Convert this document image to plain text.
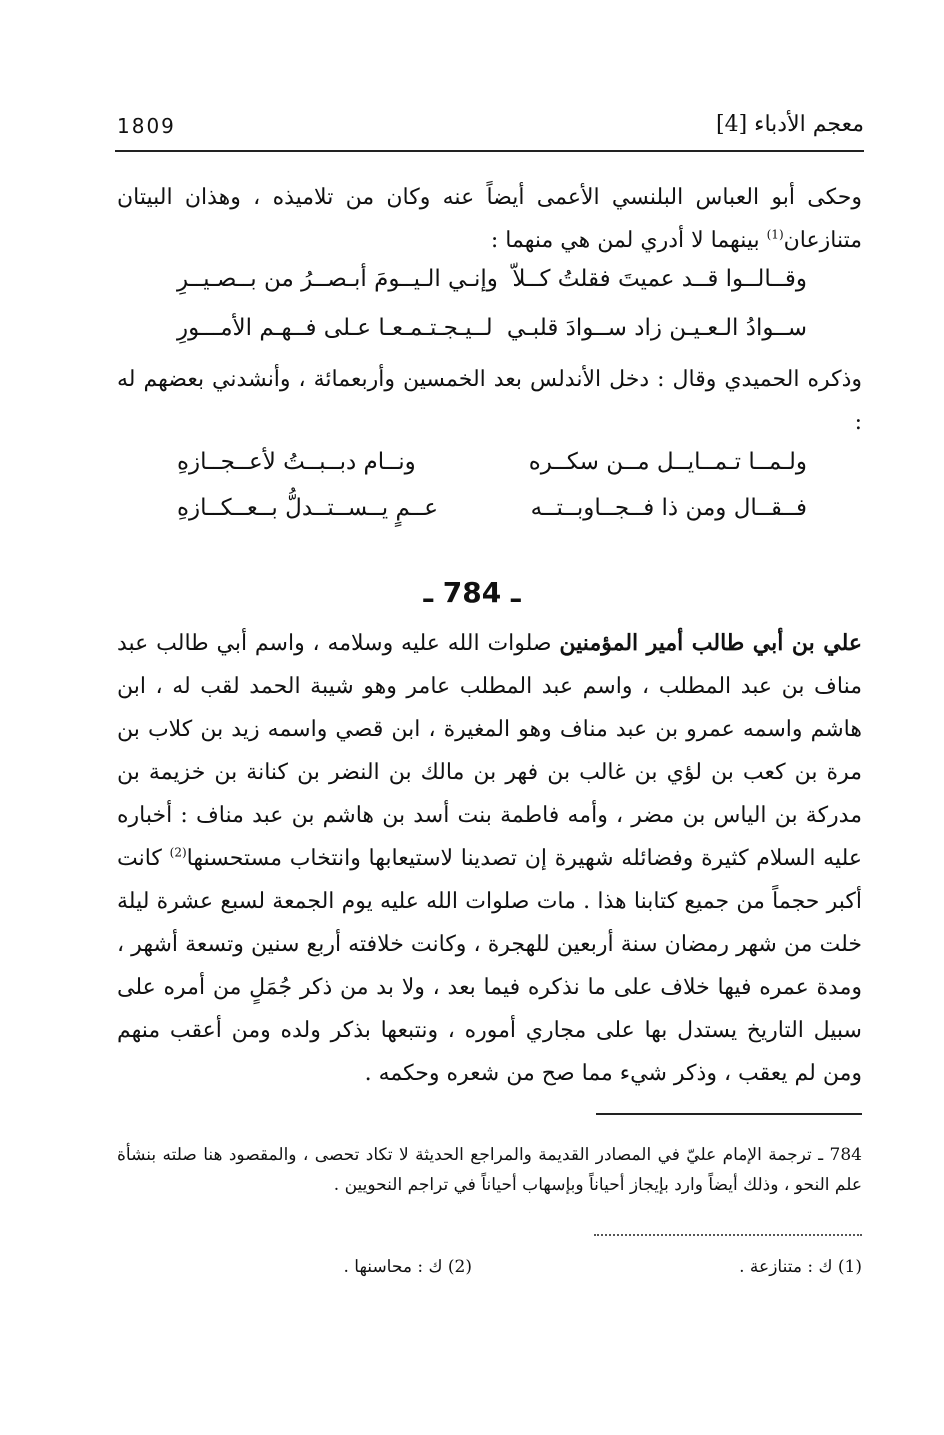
1809	معجم الأدباء [4]

وحكى أبو العباس البلنسي الأعمى أيضاً عنه وكان من تلاميذه ، وهذان البيتان متنازعان$^{(1)}$ بينهما لا أدري لمن هي منهما :

وقــالــوا قــد عميتَ فقلتُ كــلاّ
وإنـي الـيــومَ أبـصــرُ من بــصـيــرِ
ســوادُ الـعـيـن زاد ســوادَ قلبـي
لــيـجـتـمـعـا عـلى فــهـم الأمـــورِ

وذكره الحميدي وقال : دخل الأندلس بعد الخمسين وأربعمائة ، وأنشدني بعضهم له :

ولـمــا تـمــايــل مــن سكــره
ونــام دبــبــتُ لأعــجــازهِ
فــقــال ومن ذا فــجــاوبــتــه
عــمٍ يــســتــدلُّ بــعــكــازهِ
ـ 784 ـ

علي بن أبي طالب أمير المؤمنين صلوات الله عليه وسلامه ، واسم أبي طالب عبد مناف بن عبد المطلب ، واسم عبد المطلب عامر وهو شيبة الحمد لقب له ، ابن هاشم واسمه عمرو بن عبد مناف وهو المغيرة ، ابن قصي واسمه زيد بن كلاب بن مرة بن كعب بن لؤي بن غالب بن فهر بن مالك بن النضر بن كنانة بن خزيمة بن مدركة بن الياس بن مضر ، وأمه فاطمة بنت أسد بن هاشم بن عبد مناف : أخباره عليه السلام كثيرة وفضائله شهيرة إن تصدينا لاستيعابها وانتخاب مستحسنها$^{(2)}$ كانت أكبر حجماً من جميع كتابنا هذا . مات صلوات الله عليه يوم الجمعة لسبع عشرة ليلة خلت من شهر رمضان سنة أربعين للهجرة ، وكانت خلافته أربع سنين وتسعة أشهر ، ومدة عمره فيها خلاف على ما نذكره فيما بعد ، ولا بد من ذكر جُمَلٍ من أمره على سبيل التاريخ يستدل بها على مجاري أموره ، ونتبعها بذكر ولده ومن أعقب منهم ومن لم يعقب ، وذكر شيء مما صح من شعره وحكمه .

784 ـ ترجمة الإمام عليّ في المصادر القديمة والمراجع الحديثة لا تكاد تحصى ، والمقصود هنا صلته بنشأة علم النحو ، وذلك أيضاً وارد بإيجاز أحياناً وبإسهاب أحياناً في تراجم النحويين .

(1) ك : متنازعة .
(2) ك : محاسنها .
